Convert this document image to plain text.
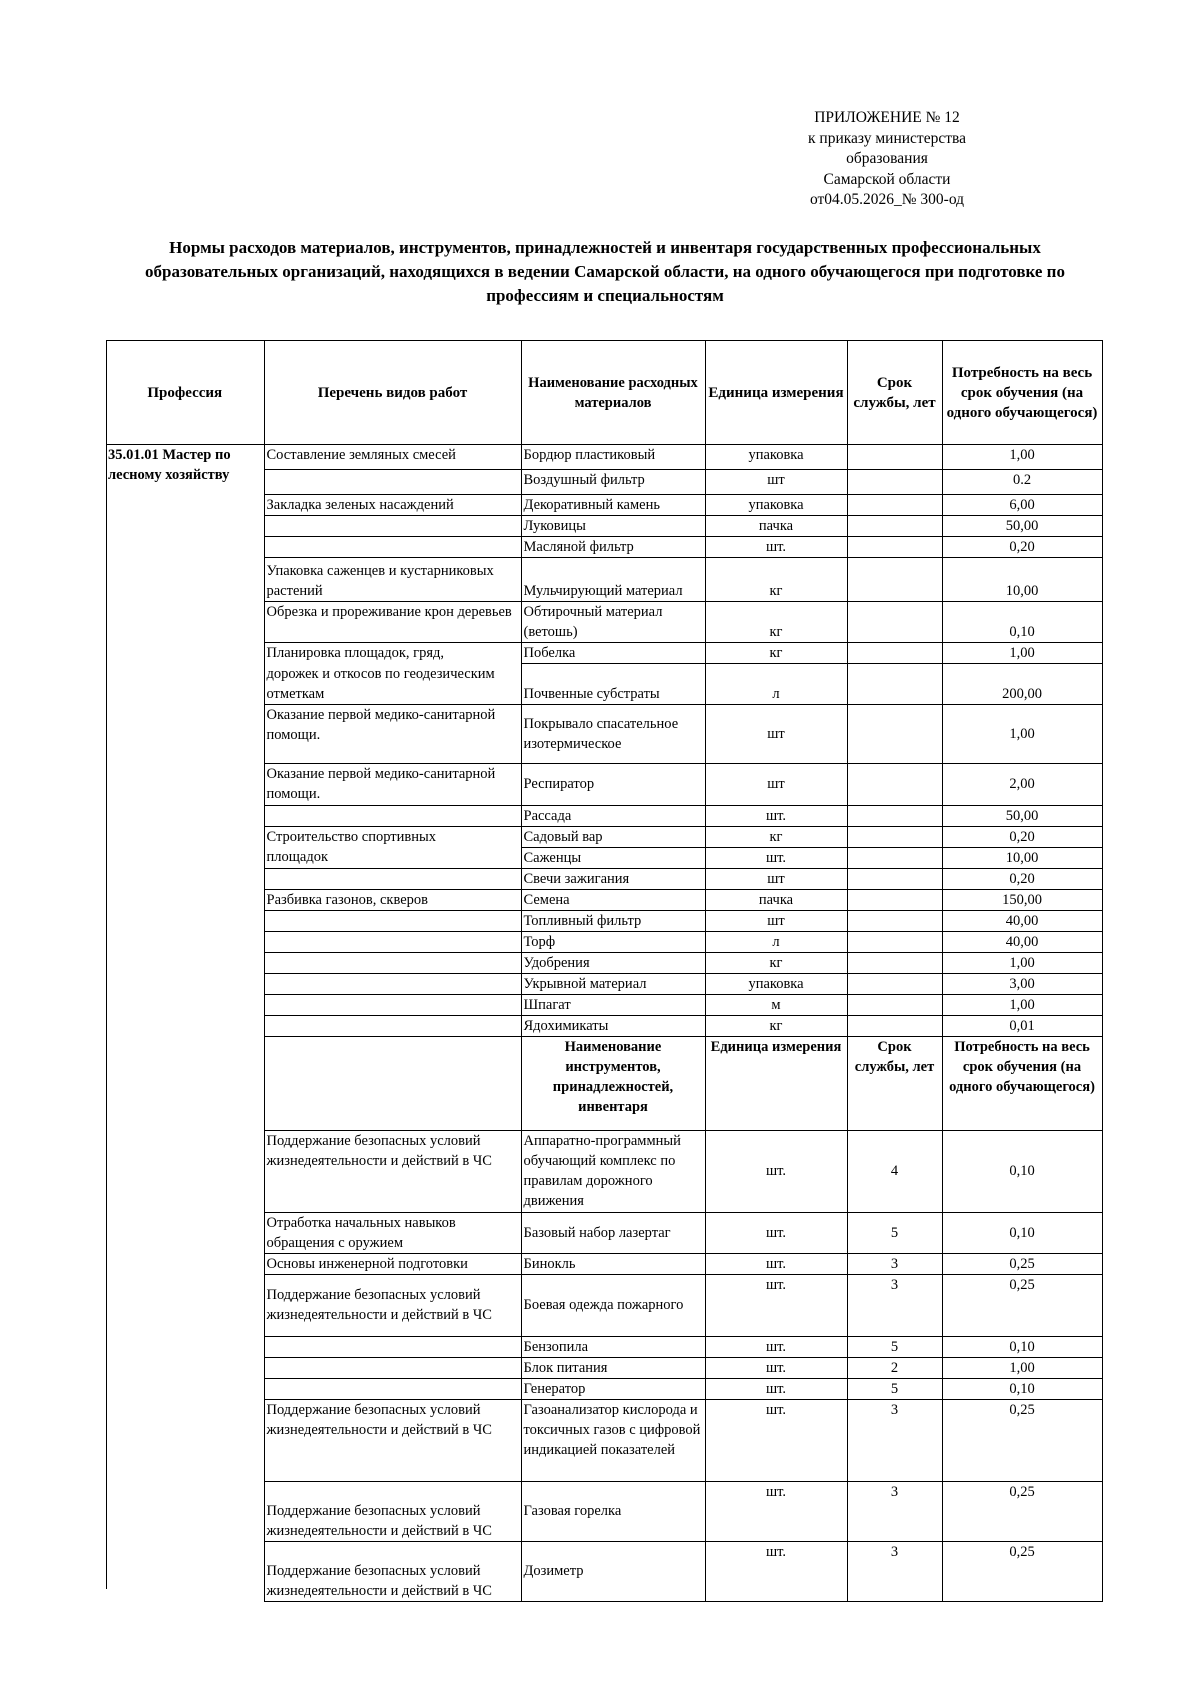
ПРИЛОЖЕНИЕ № 12
к приказу министерства
образования
Самарской области
от04.05.2026_№ 300-од
Нормы расходов материалов, инструментов, принадлежностей и инвентаря государственных профессиональных образовательных организаций, находящихся в ведении Самарской области, на одного обучающегося при подготовке по профессиям и специальностям
Профессия	Перечень видов работ	Наименование расходных материалов	Единица измерения	Срок службы, лет	Потребность на весь срок обучения (на одного обучающегося)
35.01.01 Мастер по лесному хозяйству	Составление земляных смесей	Бордюр пластиковый	упаковка		1,00
		Воздушный фильтр	шт		0.2
	Закладка зеленых насаждений	Декоративный камень	упаковка		6,00
		Луковицы	пачка		50,00
		Масляной фильтр	шт.		0,20
	Упаковка саженцев и кустарниковых растений	Мульчирующий материал	кг		10,00
	Обрезка и прореживание крон деревьев	Обтирочный материал (ветошь)	кг		0,10
	Планировка площадок, гряд,	Побелка	кг		1,00
	дорожек и откосов по геодезическим отметкам	Почвенные субстраты	л		200,00
	Оказание первой медико-санитарной помощи.	Покрывало спасательное изотермическое	шт		1,00
	Оказание первой медико-санитарной помощи.	Респиратор	шт		2,00
		Рассада	шт.		50,00
	Строительство спортивных	Садовый вар	кг		0,20
	площадок	Саженцы	шт.		10,00
		Свечи зажигания	шт		0,20
	Разбивка газонов, скверов	Семена	пачка		150,00
		Топливный фильтр	шт		40,00
		Торф	л		40,00
		Удобрения	кг		1,00
		Укрывной материал	упаковка		3,00
		Шпагат	м		1,00
		Ядохимикаты	кг		0,01
		Наименование инструментов, принадлежностей, инвентаря	Единица измерения	Срок службы, лет	Потребность на весь срок обучения (на одного обучающегося)
	Поддержание безопасных условий жизнедеятельности и действий в ЧС	Аппаратно-программный обучающий комплекс по правилам дорожного движения	шт.	4	0,10
	Отработка начальных навыков обращения с оружием	Базовый набор лазертаг	шт.	5	0,10
	Основы инженерной подготовки	Бинокль	шт.	3	0,25
	Поддержание безопасных условий жизнедеятельности и действий в ЧС	Боевая одежда пожарного	шт.	3	0,25
		Бензопила	шт.	5	0,10
		Блок питания	шт.	2	1,00
		Генератор	шт.	5	0,10
	Поддержание безопасных условий жизнедеятельности и действий в ЧС	Газоанализатор кислорода и токсичных газов с цифровой индикацией показателей	шт.	3	0,25
	Поддержание безопасных условий жизнедеятельности и действий в ЧС	Газовая горелка	шт.	3	0,25
	Поддержание безопасных условий жизнедеятельности и действий в ЧС	Дозиметр	шт.	3	0,25
